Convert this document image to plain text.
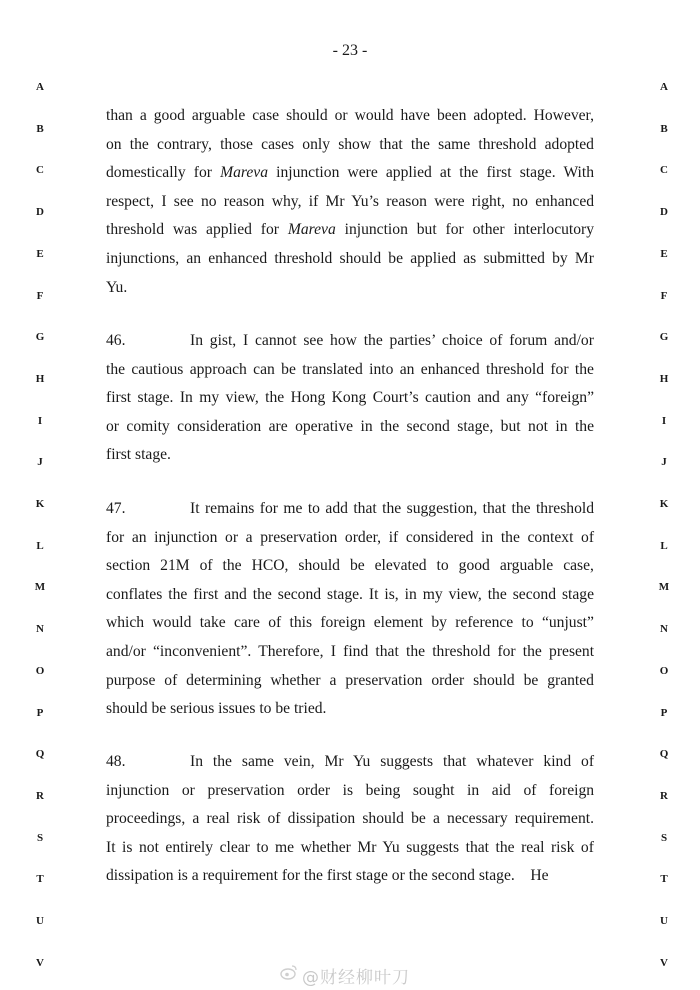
- 23 -
A	A
B	B
C	C
D	D
E	E
F	F
G	G
H	H
I	I
J	J
K	K
L	L
M	M
N	N
O	O
P	P
Q	Q
R	R
S	S
T	T
U	U
V	V
than a good arguable case should or would have been adopted. However,
on the contrary, those cases only show that the same threshold adopted
domestically for Mareva injunction were applied at the first stage. With
respect, I see no reason why, if Mr Yu’s reason were right, no enhanced
threshold was applied for Mareva injunction but for other interlocutory
injunctions, an enhanced threshold should be applied as submitted by Mr
Yu.
46.	In gist, I cannot see how the parties’ choice of forum and/or
the cautious approach can be translated into an enhanced threshold for the
first stage. In my view, the Hong Kong Court’s caution and any “foreign”
or comity consideration are operative in the second stage, but not in the
first stage.
47.	It remains for me to add that the suggestion, that the threshold
for an injunction or a preservation order, if considered in the context of
section 21M of the HCO, should be elevated to good arguable case,
conflates the first and the second stage. It is, in my view, the second stage
which would take care of this foreign element by reference to “unjust”
and/or “inconvenient”. Therefore, I find that the threshold for the present
purpose of determining whether a preservation order should be granted
should be serious issues to be tried.
48.	In the same vein, Mr Yu suggests that whatever kind of
injunction or preservation order is being sought in aid of foreign
proceedings, a real risk of dissipation should be a necessary requirement.
It is not entirely clear to me whether Mr Yu suggests that the real risk of
dissipation is a requirement for the first stage or the second stage.    He
@财经柳叶刀
